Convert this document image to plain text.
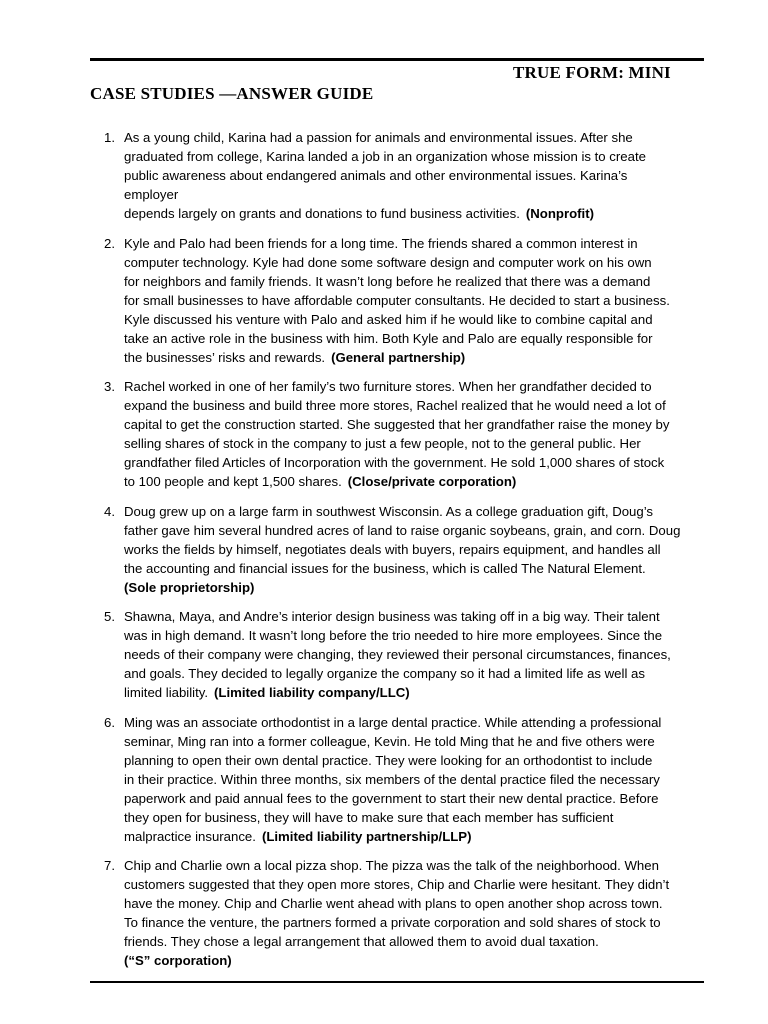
TRUE FORM: MINI
CASE STUDIES —ANSWER GUIDE
1. As a young child, Karina had a passion for animals and environmental issues. After she
graduated from college, Karina landed a job in an organization whose mission is to create
public awareness about endangered animals and other environmental issues. Karina’s
employer
depends largely on grants and donations to fund business activities. (Nonprofit)
2. Kyle and Palo had been friends for a long time. The friends shared a common interest in
computer technology. Kyle had done some software design and computer work on his own
for neighbors and family friends. It wasn’t long before he realized that there was a demand
for small businesses to have affordable computer consultants. He decided to start a business.
Kyle discussed his venture with Palo and asked him if he would like to combine capital and
take an active role in the business with him. Both Kyle and Palo are equally responsible for
the businesses’ risks and rewards. (General partnership)
3. Rachel worked in one of her family’s two furniture stores. When her grandfather decided to
expand the business and build three more stores, Rachel realized that he would need a lot of
capital to get the construction started. She suggested that her grandfather raise the money by
selling shares of stock in the company to just a few people, not to the general public. Her
grandfather filed Articles of Incorporation with the government. He sold 1,000 shares of stock
to 100 people and kept 1,500 shares. (Close/private corporation)
4. Doug grew up on a large farm in southwest Wisconsin. As a college graduation gift, Doug’s
father gave him several hundred acres of land to raise organic soybeans, grain, and corn. Doug
works the fields by himself, negotiates deals with buyers, repairs equipment, and handles all
the accounting and financial issues for the business, which is called The Natural Element.
(Sole proprietorship)
5. Shawna, Maya, and Andre’s interior design business was taking off in a big way. Their talent
was in high demand. It wasn’t long before the trio needed to hire more employees. Since the
needs of their company were changing, they reviewed their personal circumstances, finances,
and goals. They decided to legally organize the company so it had a limited life as well as
limited liability. (Limited liability company/LLC)
6. Ming was an associate orthodontist in a large dental practice. While attending a professional
seminar, Ming ran into a former colleague, Kevin. He told Ming that he and five others were
planning to open their own dental practice. They were looking for an orthodontist to include
in their practice. Within three months, six members of the dental practice filed the necessary
paperwork and paid annual fees to the government to start their new dental practice. Before
they open for business, they will have to make sure that each member has sufficient
malpractice insurance. (Limited liability partnership/LLP)
7. Chip and Charlie own a local pizza shop. The pizza was the talk of the neighborhood. When
customers suggested that they open more stores, Chip and Charlie were hesitant. They didn’t
have the money. Chip and Charlie went ahead with plans to open another shop across town.
To finance the venture, the partners formed a private corporation and sold shares of stock to
friends. They chose a legal arrangement that allowed them to avoid dual taxation.
(“S” corporation)
